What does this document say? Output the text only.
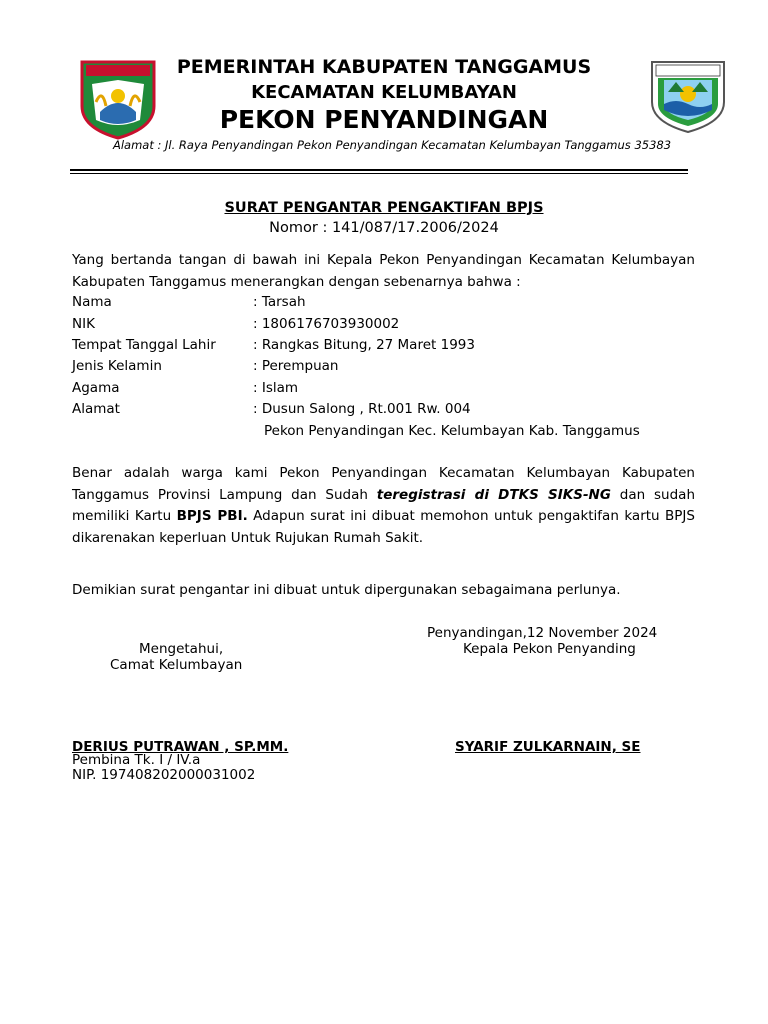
PEMERINTAH KABUPATEN TANGGAMUS
KECAMATAN KELUMBAYAN
PEKON PENYANDINGAN
Alamat : Jl. Raya Penyandingan Pekon Penyandingan Kecamatan Kelumbayan Tanggamus 35383
SURAT PENGANTAR PENGAKTIFAN BPJS
Nomor : 141/087/17.2006/2024
Yang bertanda tangan di bawah ini Kepala Pekon Penyandingan Kecamatan Kelumbayan Kabupaten Tanggamus menerangkan dengan sebenarnya bahwa :
Nama	: Tarsah
NIK	: 1806176703930002
Tempat Tanggal Lahir	: Rangkas Bitung, 27 Maret 1993
Jenis Kelamin	: Perempuan
Agama	: Islam
Alamat	: Dusun Salong , Rt.001 Rw. 004
Pekon Penyandingan Kec. Kelumbayan Kab. Tanggamus
Benar adalah warga kami Pekon Penyandingan Kecamatan Kelumbayan Kabupaten Tanggamus Provinsi Lampung dan Sudah teregistrasi di DTKS SIKS-NG dan sudah memiliki Kartu BPJS PBI. Adapun surat ini dibuat memohon untuk pengaktifan kartu BPJS dikarenakan keperluan Untuk Rujukan Rumah Sakit.
Demikian surat pengantar ini dibuat untuk dipergunakan sebagaimana perlunya.
Penyandingan,12 November 2024
Kepala Pekon Penyanding
Mengetahui,
Camat Kelumbayan
DERIUS PUTRAWAN , SP.MM.
Pembina Tk. I / IV.a
NIP. 197408202000031002
SYARIF ZULKARNAIN, SE
